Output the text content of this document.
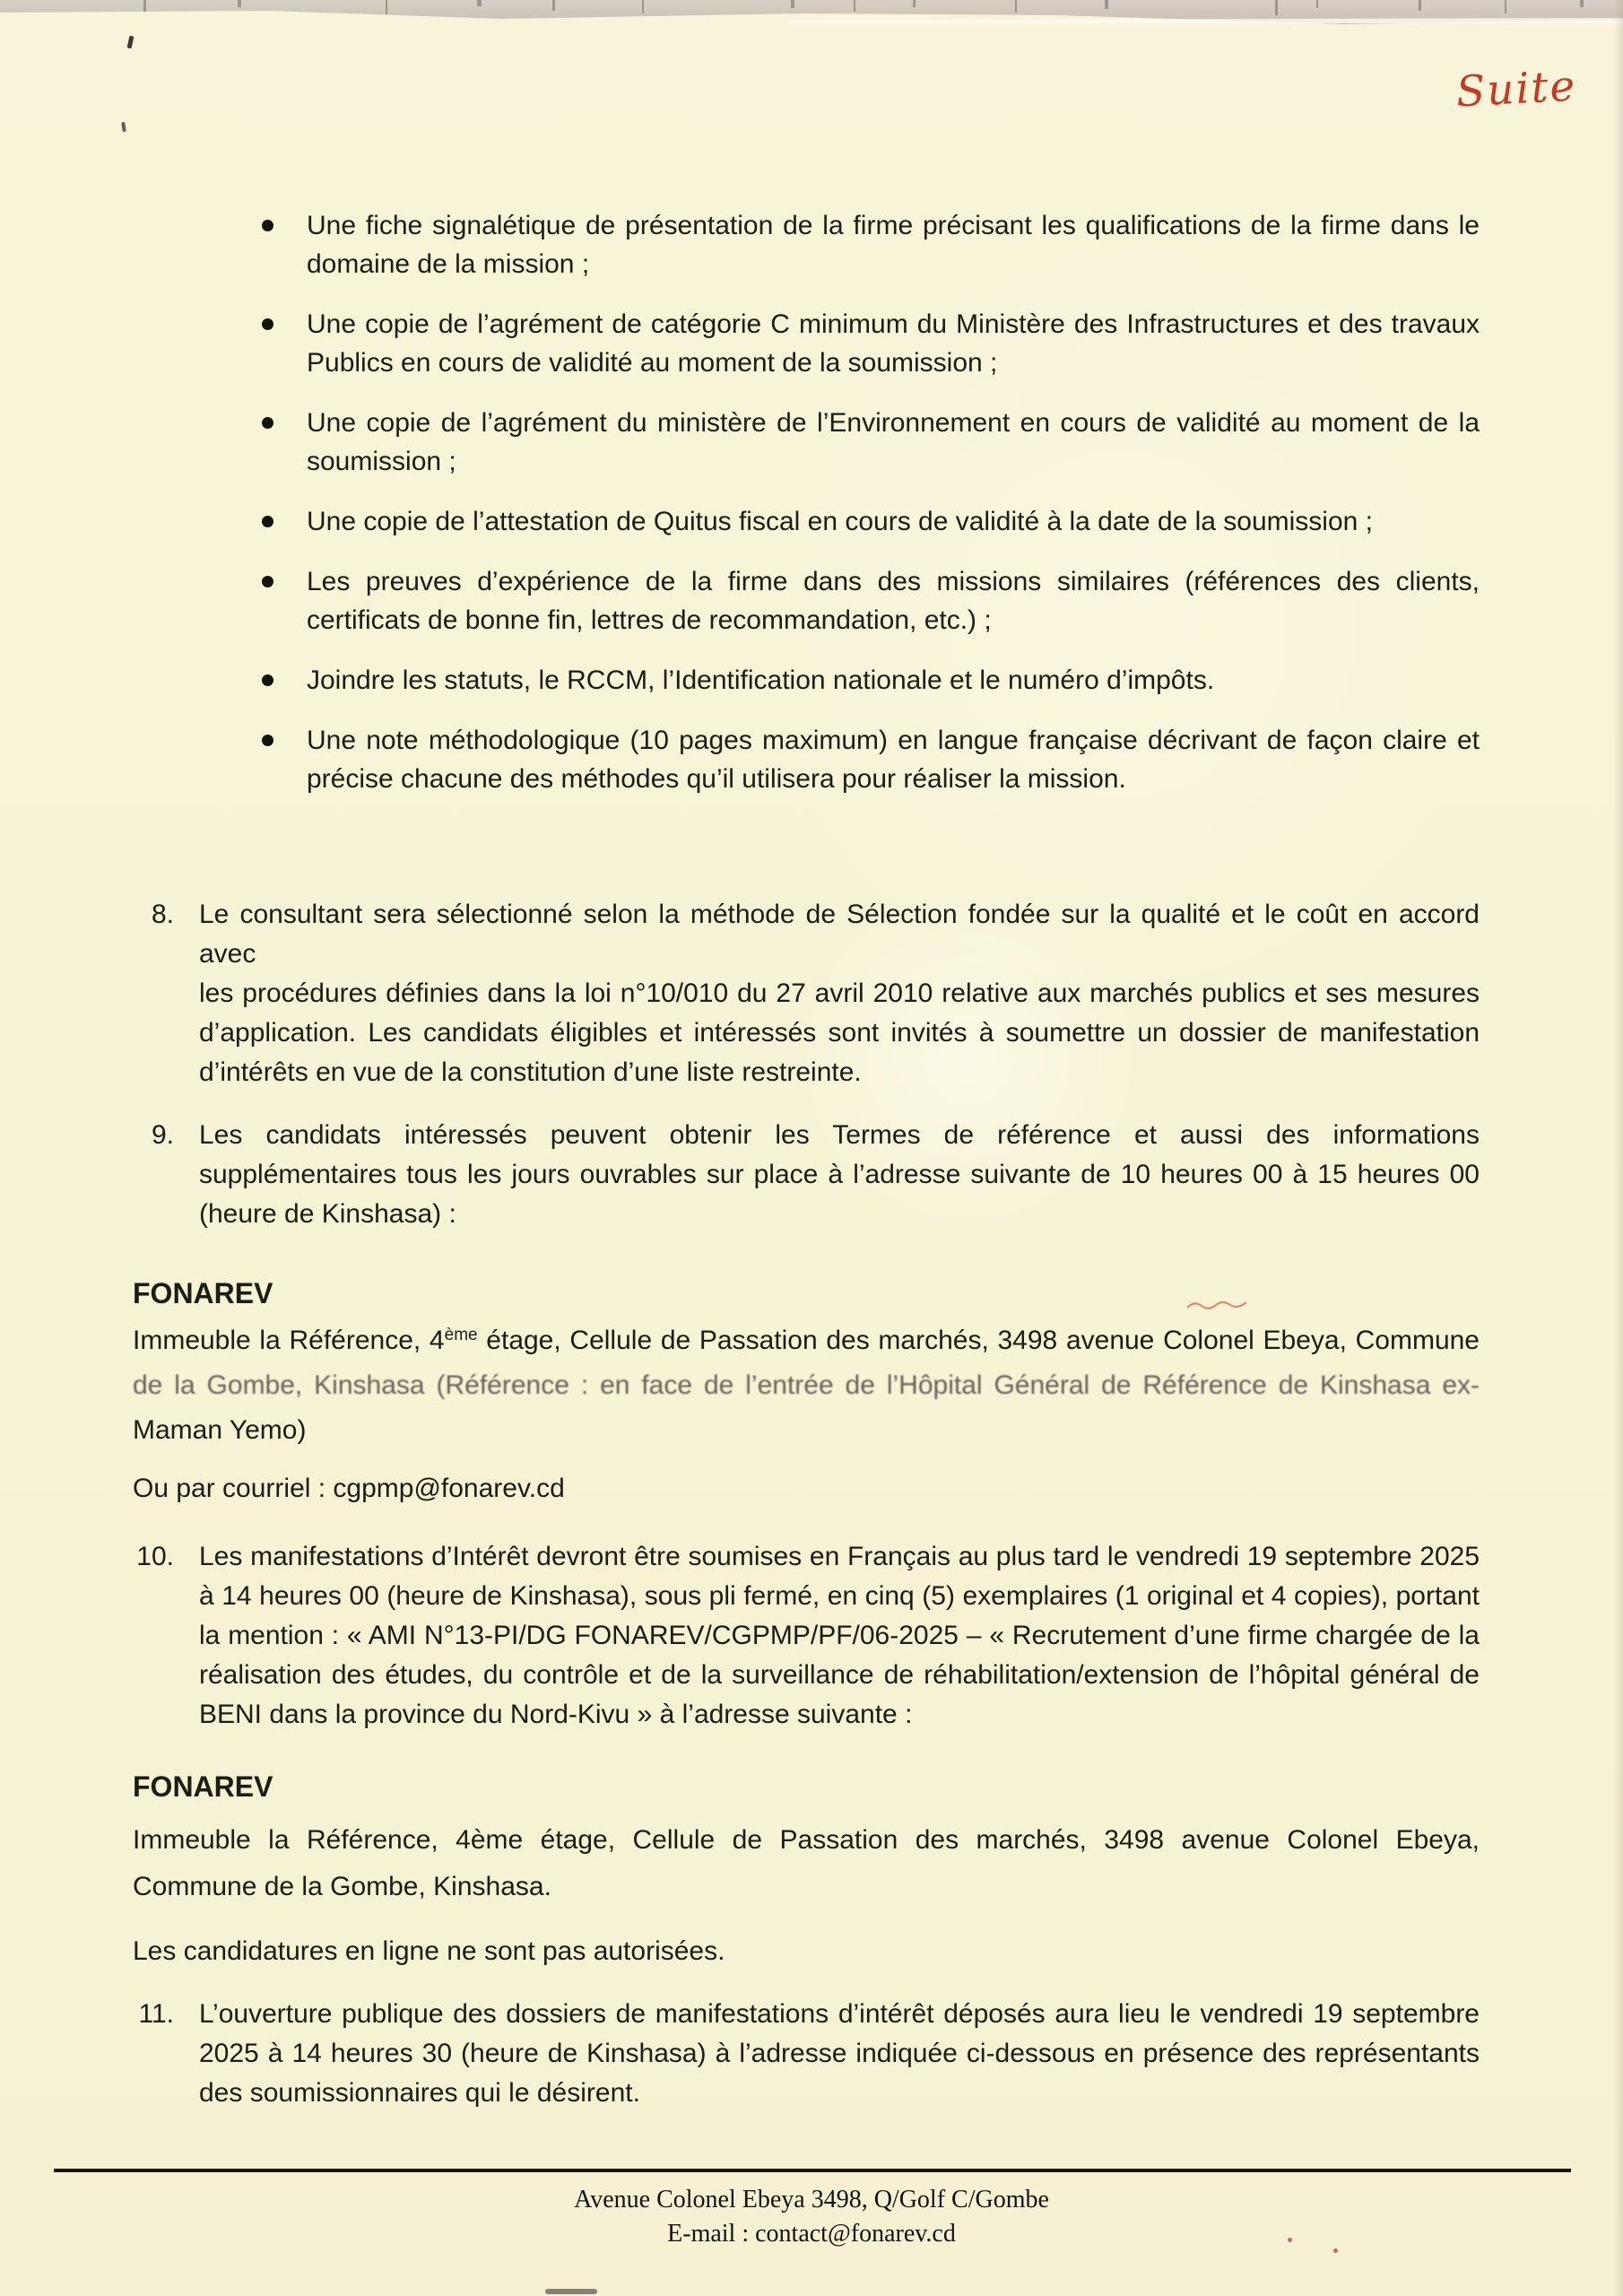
Suite
Une fiche signalétique de présentation de la firme précisant les qualifications de la firme dans le
domaine de la mission ;
Une copie de l’agrément de catégorie C minimum du Ministère des Infrastructures et des travaux
Publics en cours de validité au moment de la soumission ;
Une copie de l’agrément du ministère de l’Environnement en cours de validité au moment de la
soumission ;
Une copie de l’attestation de Quitus fiscal en cours de validité à la date de la soumission ;
Les preuves d’expérience de la firme dans des missions similaires (références des clients,
certificats de bonne fin, lettres de recommandation, etc.) ;
Joindre les statuts, le RCCM, l’Identification nationale et le numéro d’impôts.
Une note méthodologique (10 pages maximum) en langue française décrivant de façon claire et
précise chacune des méthodes qu’il utilisera pour réaliser la mission.
8. Le consultant sera sélectionné selon la méthode de Sélection fondée sur la qualité et le coût en accord avec
les procédures définies dans la loi n°10/010 du 27 avril 2010 relative aux marchés publics et ses mesures
d’application. Les candidats éligibles et intéressés sont invités à soumettre un dossier de manifestation
d’intérêts en vue de la constitution d’une liste restreinte.
9. Les candidats intéressés peuvent obtenir les Termes de référence et aussi des informations
supplémentaires tous les jours ouvrables sur place à l’adresse suivante de 10 heures 00 à 15 heures 00
(heure de Kinshasa) :
FONAREV
Immeuble la Référence, 4ème étage, Cellule de Passation des marchés, 3498 avenue Colonel Ebeya, Commune
de la Gombe, Kinshasa (Référence : en face de l’entrée de l’Hôpital Général de Référence de Kinshasa ex-
Maman Yemo)
Ou par courriel : cgpmp@fonarev.cd
10. Les manifestations d’Intérêt devront être soumises en Français au plus tard le vendredi 19 septembre 2025
à 14 heures 00 (heure de Kinshasa), sous pli fermé, en cinq (5) exemplaires (1 original et 4 copies), portant
la mention : « AMI N°13-PI/DG FONAREV/CGPMP/PF/06-2025 – « Recrutement d’une firme chargée de la
réalisation des études, du contrôle et de la surveillance de réhabilitation/extension de l’hôpital général de
BENI dans la province du Nord-Kivu » à l’adresse suivante :
FONAREV
Immeuble la Référence, 4ème étage, Cellule de Passation des marchés, 3498 avenue Colonel Ebeya,
Commune de la Gombe, Kinshasa.
Les candidatures en ligne ne sont pas autorisées.
11. L’ouverture publique des dossiers de manifestations d’intérêt déposés aura lieu le vendredi 19 septembre
2025 à 14 heures 30 (heure de Kinshasa) à l’adresse indiquée ci-dessous en présence des représentants
des soumissionnaires qui le désirent.
Avenue Colonel Ebeya 3498, Q/Golf C/Gombe
E-mail : contact@fonarev.cd
